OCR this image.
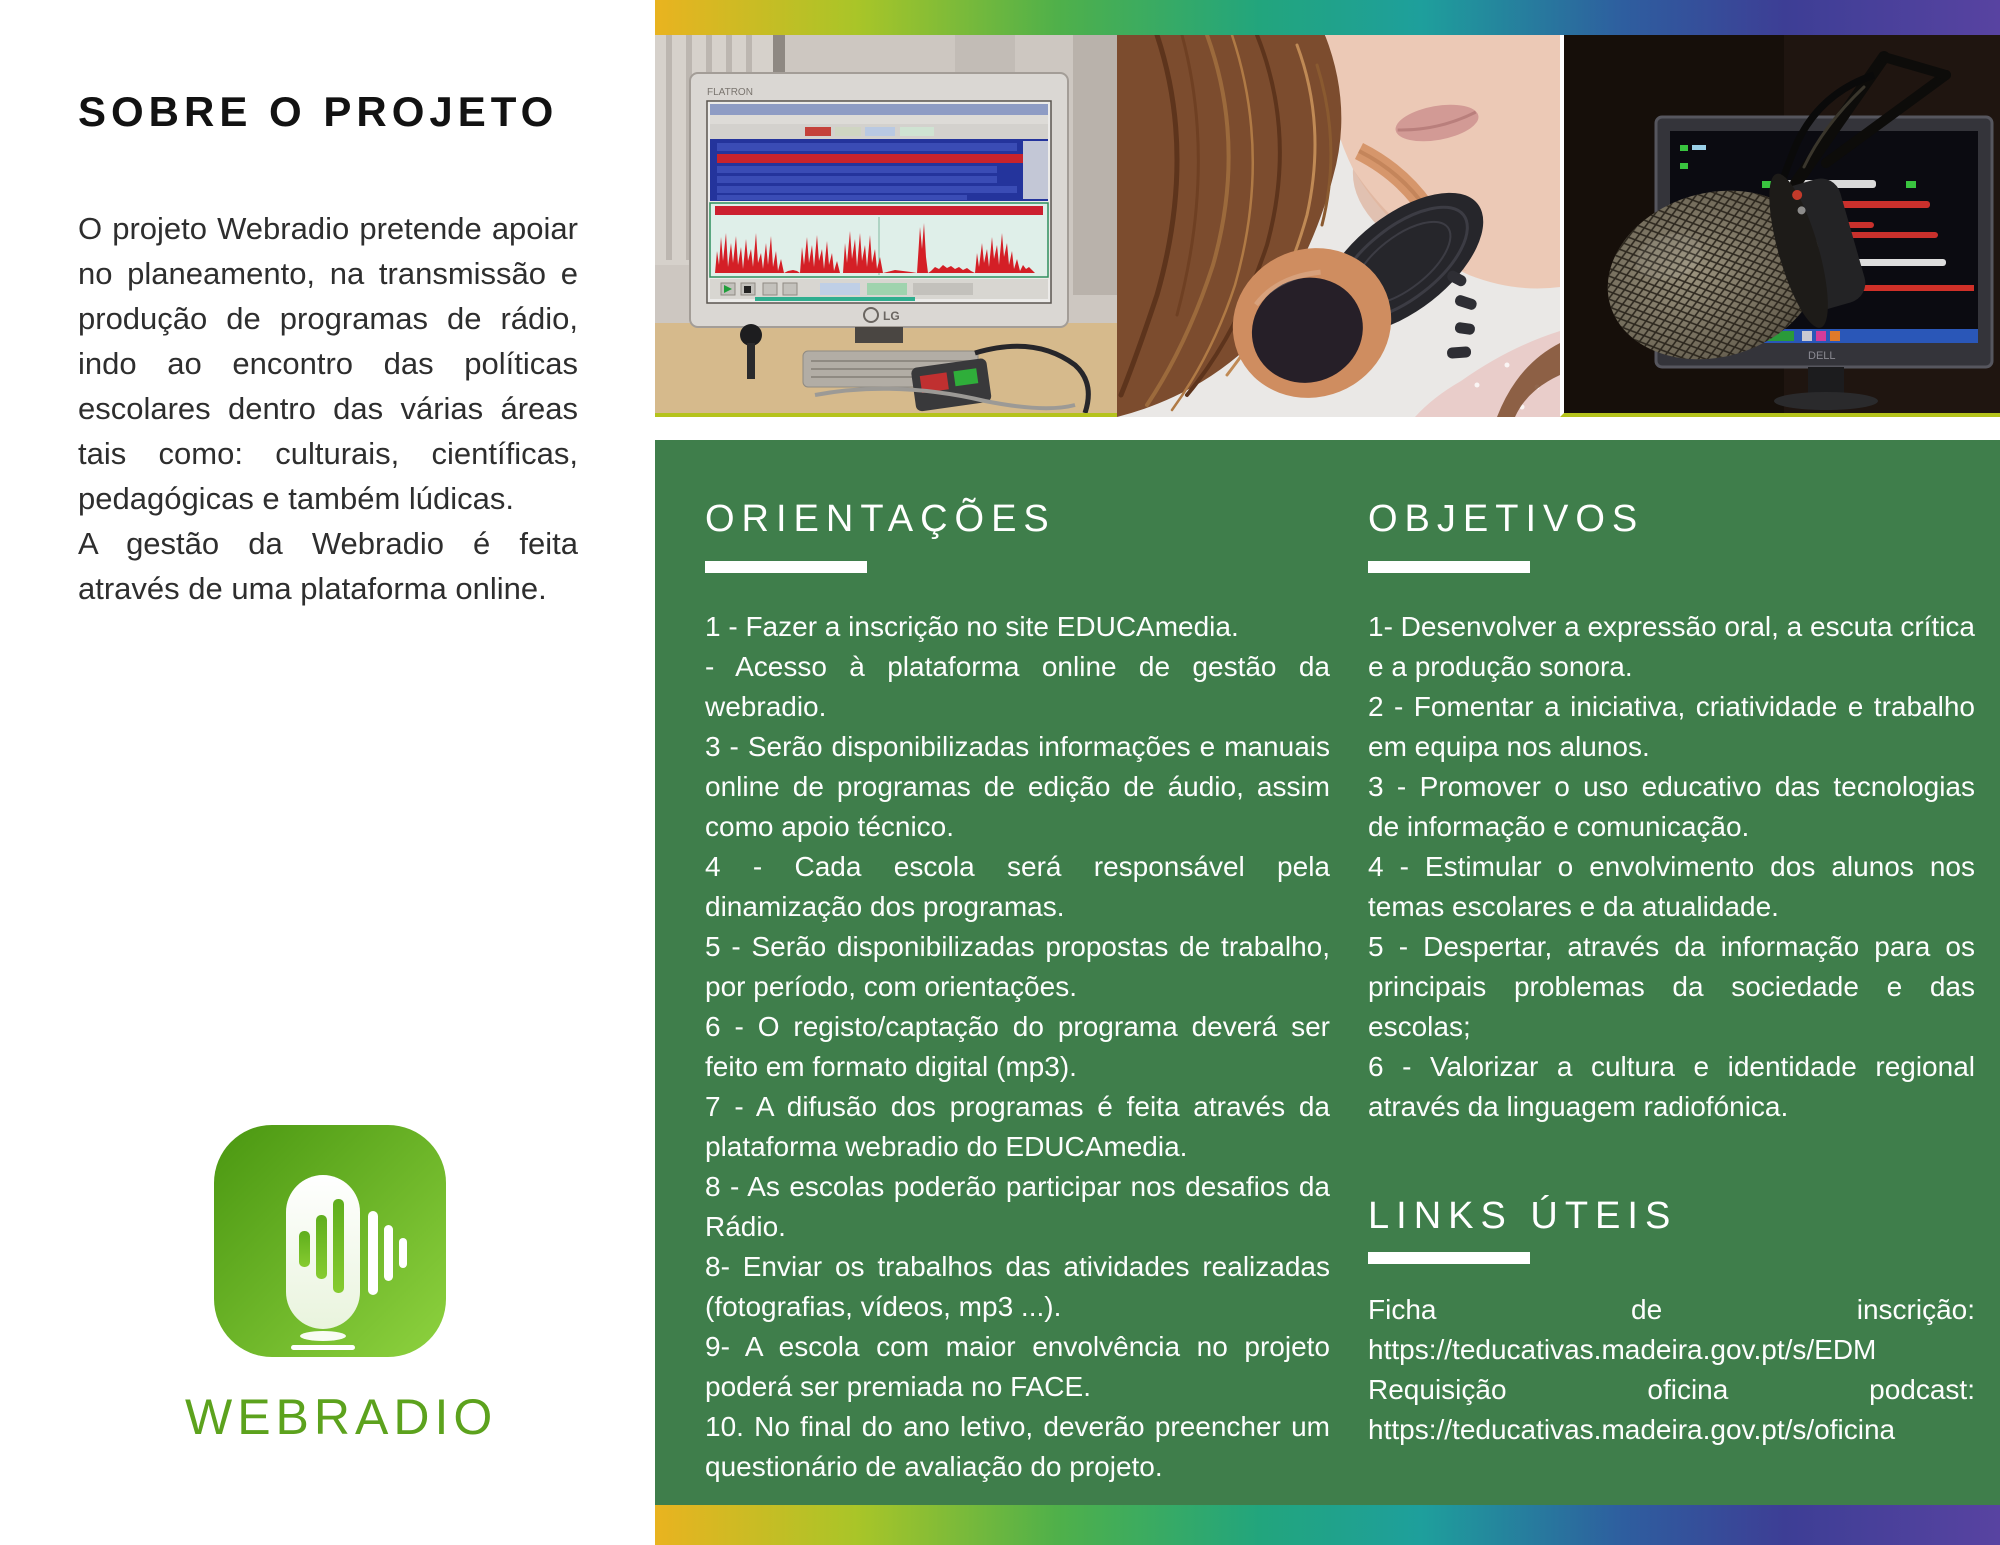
SOBRE O PROJETO

O projeto Webradio pretende apoiar no planeamento, na transmissão e produção de programas de rádio, indo ao encontro das políticas escolares dentro das várias áreas tais como: culturais, científicas, pedagógicas e também lúdicas.

A gestão da Webradio é feita através de uma plataforma online.

WEBRADIO
FLATRON
LG
DELL
ORIENTAÇÕES

1 - Fazer a inscrição no site EDUCAmedia.

- Acesso à plataforma online de gestão da webradio.

3 - Serão disponibilizadas informações e manuais online de programas de edição de áudio, assim como apoio técnico.

4 - Cada escola será responsável pela dinamização dos programas.

5 - Serão disponibilizadas propostas de trabalho, por período, com orientações.

6 - O registo/captação do programa deverá ser feito em formato digital (mp3).

7 - A difusão dos programas é feita através da plataforma webradio do EDUCAmedia.

8 - As escolas poderão participar nos desafios da Rádio.

8- Enviar os trabalhos das atividades realizadas (fotografias, vídeos, mp3 ...).

9- A escola com maior envolvência no projeto poderá ser premiada no FACE.

10. No final do ano letivo, deverão preencher um questionário de avaliação do projeto.

OBJETIVOS

1- Desenvolver a expressão oral, a escuta crítica e a produção sonora.

2 - Fomentar a iniciativa, criatividade e trabalho em equipa nos alunos.

3 - Promover o uso educativo das tecnologias de informação e comunicação.

4 - Estimular o envolvimento dos alunos nos temas escolares e da atualidade.

5 - Despertar, através da informação para os principais problemas da sociedade e das escolas;

6 - Valorizar a cultura e identidade regional através da linguagem radiofónica.

LINKS ÚTEIS

Ficha de inscrição: https://teducativas.madeira.gov.pt/s/EDM

Requisição oficina podcast: https://teducativas.madeira.gov.pt/s/oficina
